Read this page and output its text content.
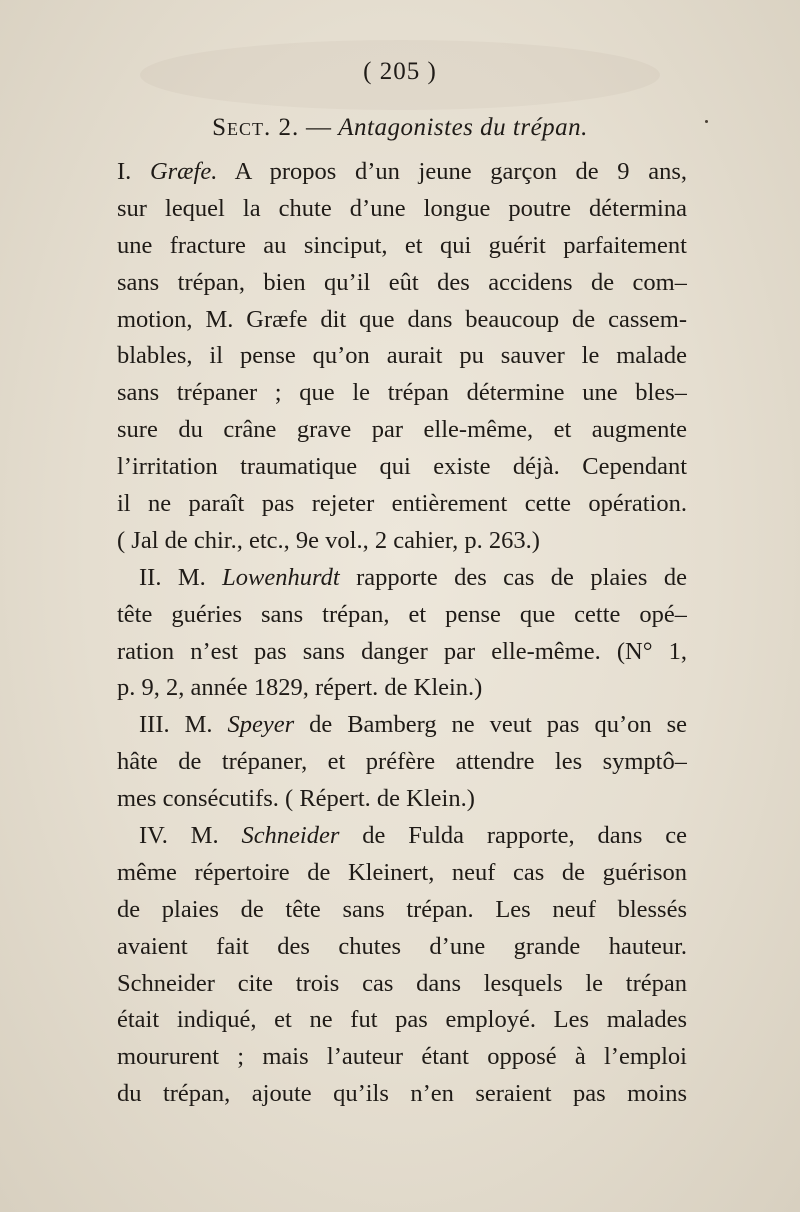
( 205 )
Sect. 2. — Antagonistes du trépan.
I. Græfe. A propos d’un jeune garçon de 9 ans,
sur lequel la chute d’une longue poutre détermina
une fracture au sinciput, et qui guérit parfaitement
sans trépan, bien qu’il eût des accidens de com–
motion, M. Græfe dit que dans beaucoup de cassem-
blables, il pense qu’on aurait pu sauver le malade
sans trépaner ; que le trépan détermine une bles–
sure du crâne grave par elle-même, et augmente
l’irritation traumatique qui existe déjà. Cependant
il ne paraît pas rejeter entièrement cette opération.
( Jal de chir., etc., 9e vol., 2 cahier, p. 263.)
II. M. Lowenhurdt rapporte des cas de plaies de
tête guéries sans trépan, et pense que cette opé–
ration n’est pas sans danger par elle-même. (N° 1,
p. 9, 2, année 1829, répert. de Klein.)
III. M. Speyer de Bamberg ne veut pas qu’on se
hâte de trépaner, et préfère attendre les symptô–
mes consécutifs. ( Répert. de Klein.)
IV. M. Schneider de Fulda rapporte, dans ce
même répertoire de Kleinert, neuf cas de guérison
de plaies de tête sans trépan. Les neuf blessés
avaient fait des chutes d’une grande hauteur.
Schneider cite trois cas dans lesquels le trépan
était indiqué, et ne fut pas employé. Les malades
moururent ; mais l’auteur étant opposé à l’emploi
du trépan, ajoute qu’ils n’en seraient pas moins
